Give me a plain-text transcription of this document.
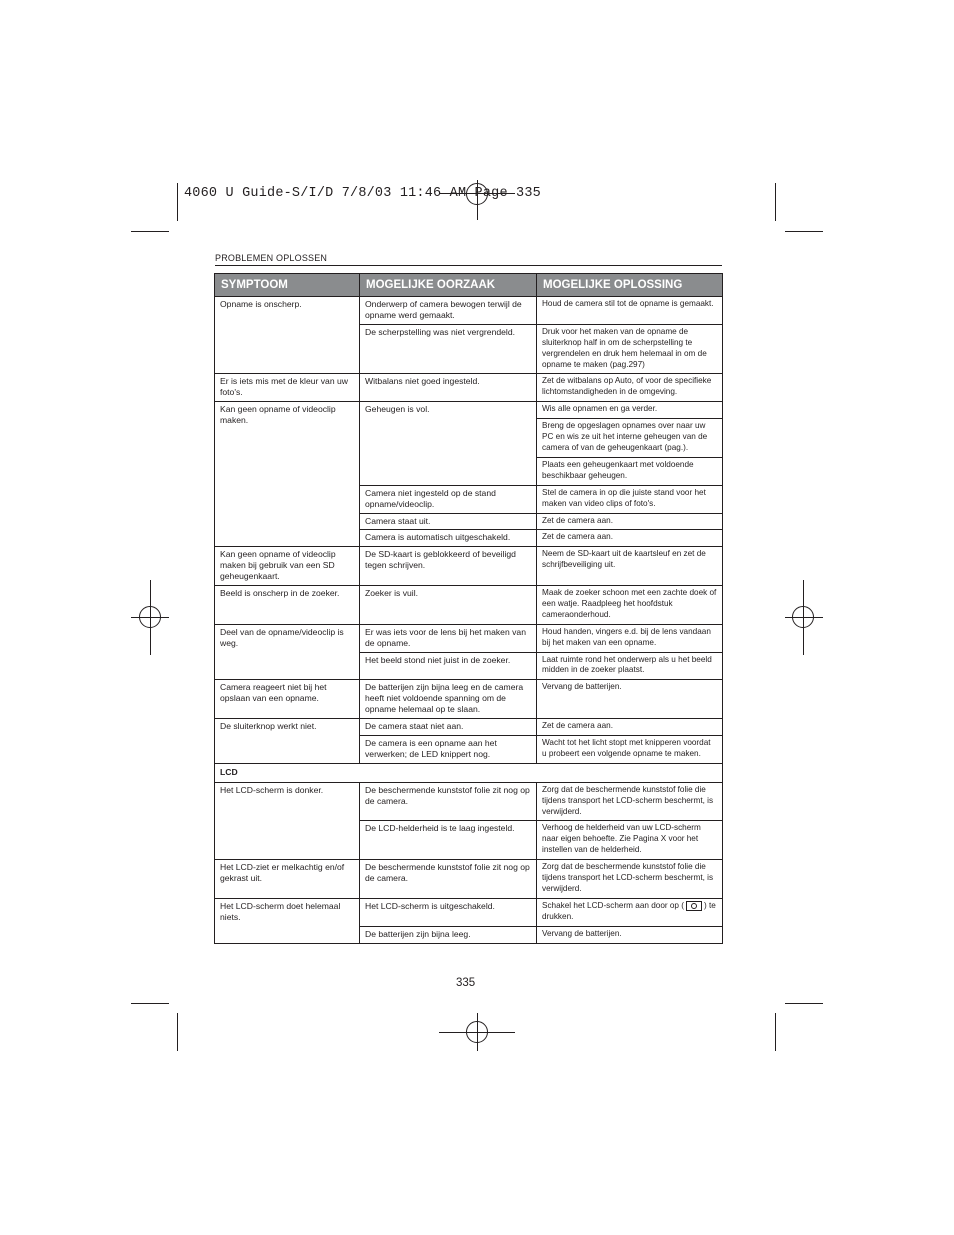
4060 U Guide-S/I/D 7/8/03 11:46 AM Page 335
PROBLEMEN OPLOSSEN
SYMPTOOM	MOGELIJKE OORZAAK	MOGELIJKE OPLOSSING
Opname is onscherp.	Onderwerp of camera bewogen terwijl de opname werd gemaakt.	Houd de camera stil tot de opname is gemaakt.
	De scherpstelling was niet vergrendeld.	Druk voor het maken van de opname de sluiterknop half in om de scherpstelling te vergrendelen en druk hem helemaal in om de opname te maken (pag.297)
Er is iets mis met de kleur van uw foto's.	Witbalans niet goed ingesteld.	Zet de witbalans op Auto, of voor de specifieke lichtomstandigheden in de omgeving.
Kan geen opname of videoclip maken.	Geheugen is vol.	Wis alle opnamen en ga verder.
		Breng de opgeslagen opnames over naar uw PC en wis ze uit het interne geheugen van de camera of van de geheugenkaart (pag.).
		Plaats een geheugenkaart met voldoende beschikbaar geheugen.
	Camera niet ingesteld op de stand opname/videoclip.	Stel de camera in op die juiste stand voor het maken van video clips of foto's.
	Camera staat uit.	Zet de camera aan.
	Camera is automatisch uitgeschakeld.	Zet de camera aan.
Kan geen opname of videoclip maken bij gebruik van een SD geheugenkaart.	De SD-kaart is geblokkeerd of beveiligd tegen schrijven.	Neem de SD-kaart uit de kaartsleuf en zet de schrijfbeveiliging uit.
Beeld is onscherp in de zoeker.	Zoeker is vuil.	Maak de zoeker schoon met een zachte doek of een watje. Raadpleeg het hoofdstuk cameraonderhoud.
Deel van de opname/videoclip is weg.	Er was iets voor de lens bij het maken van de opname.	Houd handen, vingers e.d. bij de lens vandaan bij het maken van een opname.
	Het beeld stond niet juist in de zoeker.	Laat ruimte rond het onderwerp als u het beeld midden in de zoeker plaatst.
Camera reageert niet bij het opslaan van een opname.	De batterijen zijn bijna leeg en de camera heeft niet voldoende spanning om de opname helemaal op te slaan.	Vervang de batterijen.
De sluiterknop werkt niet.	De camera staat niet aan.	Zet de camera aan.
	De camera is een opname aan het verwerken; de LED knippert nog.	Wacht tot het licht stopt met knipperen voordat u probeert een volgende opname te maken.
LCD		
Het LCD-scherm is donker.	De beschermende kunststof folie zit nog op de camera.	Zorg dat de beschermende kunststof folie die tijdens transport het LCD-scherm beschermt, is verwijderd.
	De LCD-helderheid is te laag ingesteld.	Verhoog de helderheid van uw LCD-scherm naar eigen behoefte. Zie Pagina X voor het instellen van de helderheid.
Het LCD-ziet er melkachtig en/of gekrast uit.	De beschermende kunststof folie zit nog op de camera.	Zorg dat de beschermende kunststof folie die tijdens transport het LCD-scherm beschermt, is verwijderd.
Het LCD-scherm doet helemaal niets.	Het LCD-scherm is uitgeschakeld.	Schakel het LCD-scherm aan door op ( ) te drukken.
	De batterijen zijn bijna leeg.	Vervang de batterijen.
335
